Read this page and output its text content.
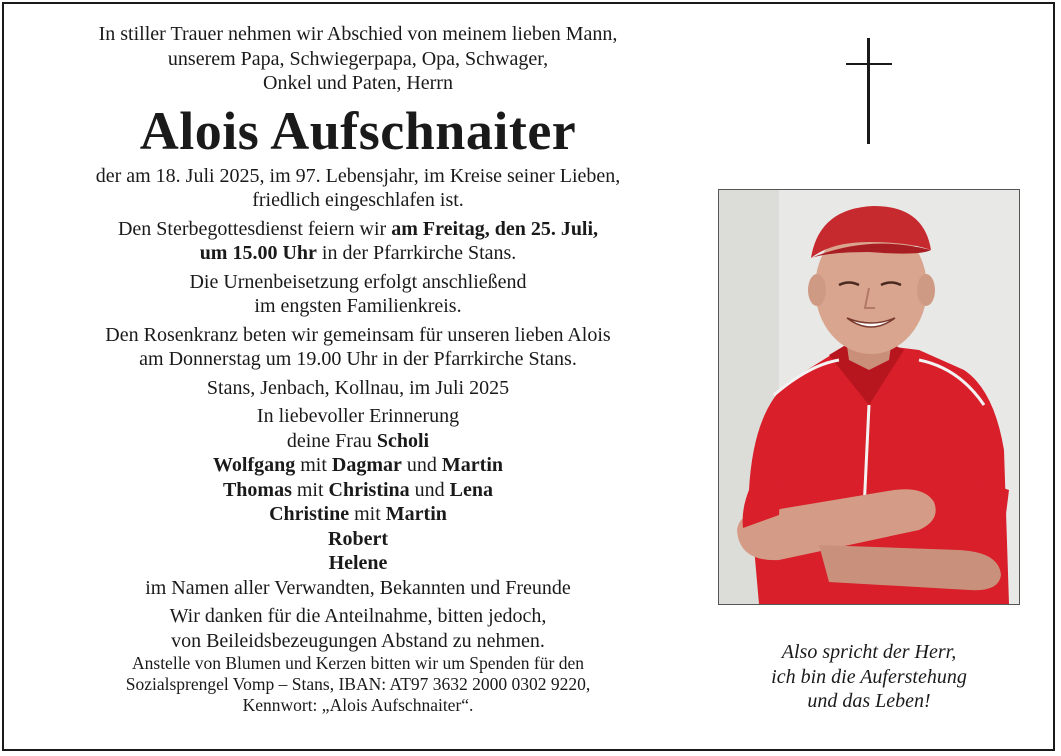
In stiller Trauer nehmen wir Abschied von meinem lieben Mann,

unserem Papa, Schwiegerpapa, Opa, Schwager,

Onkel und Paten, Herrn

Alois Aufschnaiter

der am 18. Juli 2025, im 97. Lebensjahr, im Kreise seiner Lieben,

friedlich eingeschlafen ist.

Den Sterbegottesdienst feiern wir am Freitag, den 25. Juli,

um 15.00 Uhr in der Pfarrkirche Stans.

Die Urnenbeisetzung erfolgt anschließend

im engsten Familienkreis.

Den Rosenkranz beten wir gemeinsam für unseren lieben Alois

am Donnerstag um 19.00 Uhr in der Pfarrkirche Stans.

Stans, Jenbach, Kollnau, im Juli 2025

In liebevoller Erinnerung

deine Frau Scholi

Wolfgang mit Dagmar und Martin

Thomas mit Christina und Lena

Christine mit Martin

Robert

Helene

im Namen aller Verwandten, Bekannten und Freunde

Wir danken für die Anteilnahme, bitten jedoch,

von Beileidsbezeugungen Abstand zu nehmen.

Anstelle von Blumen und Kerzen bitten wir um Spenden für den

Sozialsprengel Vomp – Stans, IBAN: AT97 3632 2000 0302 9220,

Kennwort: „Alois Aufschnaiter“.

Also spricht der Herr,

ich bin die Auferstehung

und das Leben!
